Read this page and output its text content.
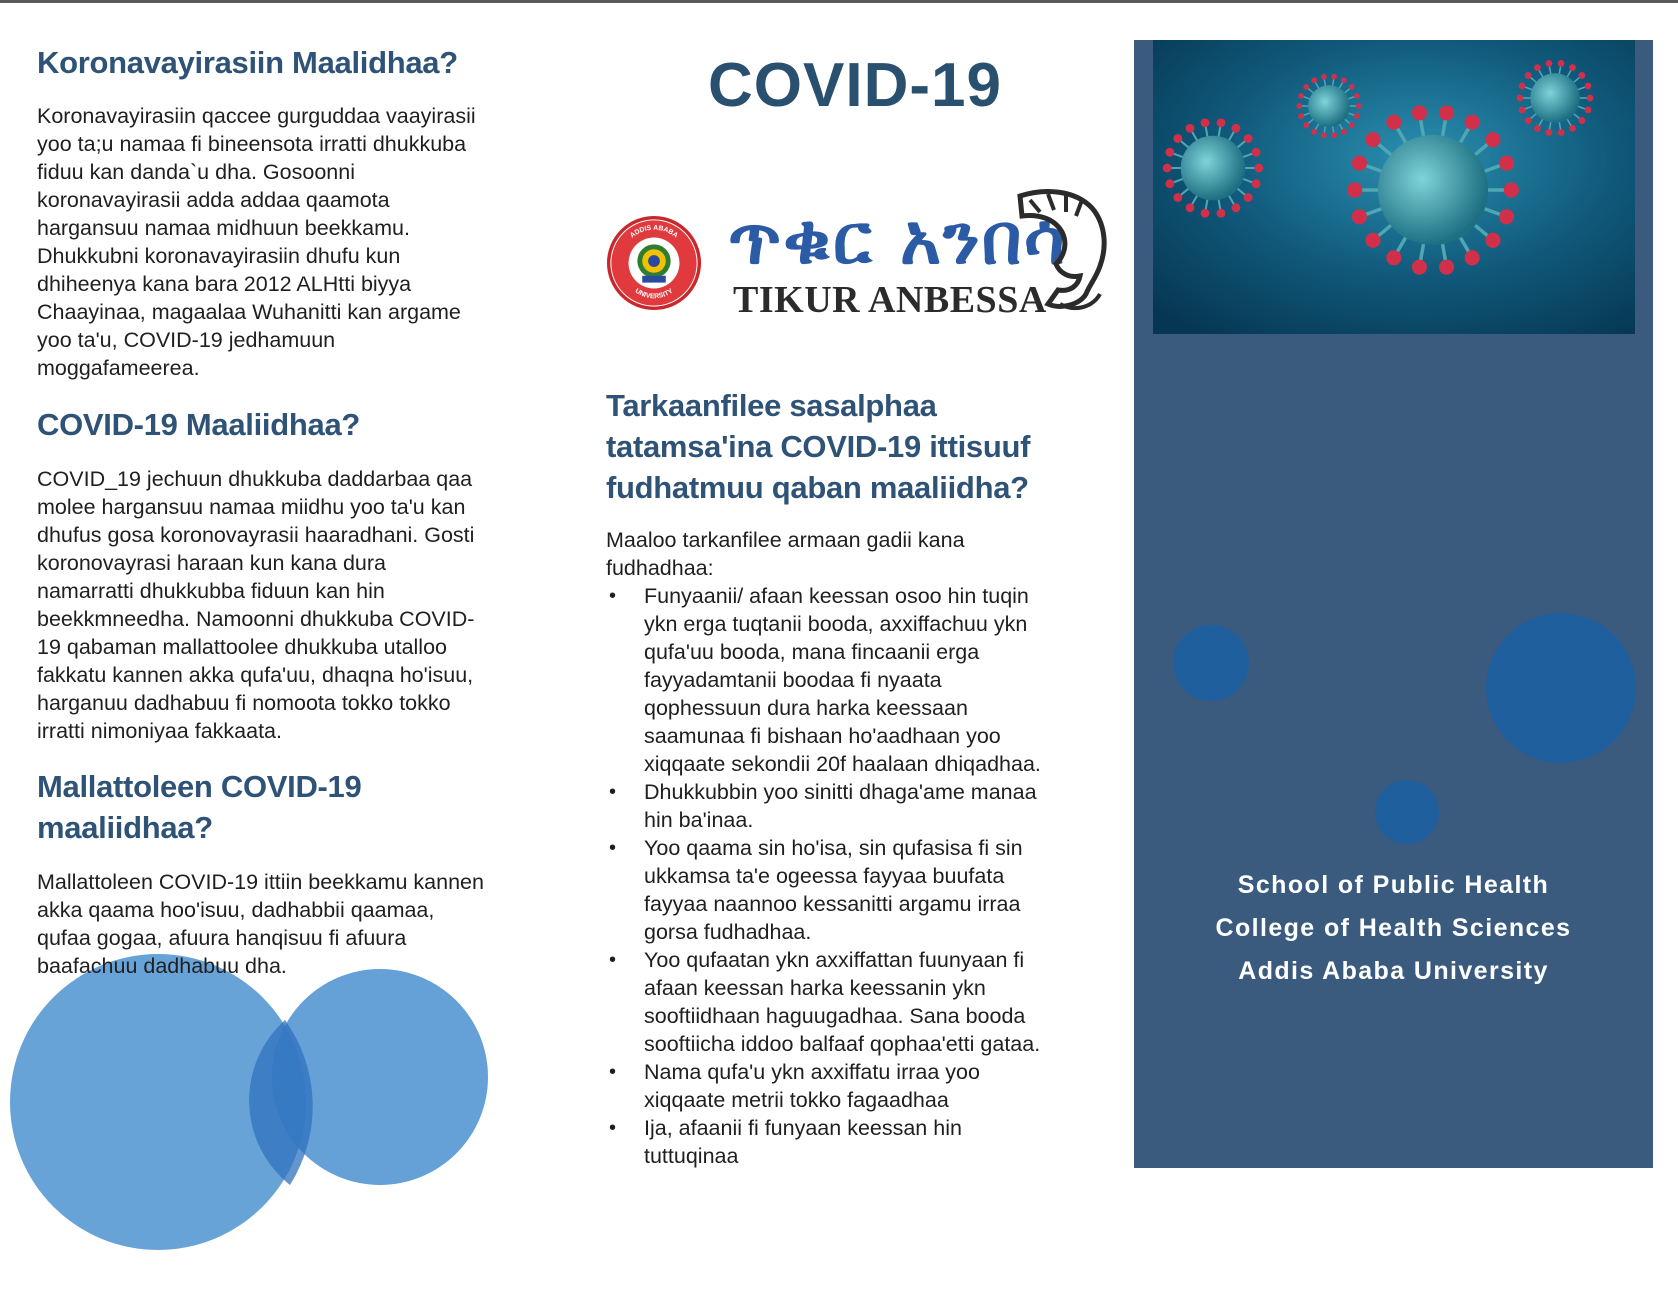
Koronavayirasiin Maalidhaa?

Koronavayirasiin qaccee gurguddaa vaayirasii
yoo ta;u namaa fi bineensota irratti dhukkuba
fiduu kan danda`u dha. Gosoonni
koronavayirasii adda addaa qaamota
hargansuu namaa midhuun beekkamu.
Dhukkubni koronavayirasiin dhufu kun
dhiheenya kana bara 2012 ALHtti biyya
Chaayinaa, magaalaa Wuhanitti kan argame
yoo ta'u, COVID-19 jedhamuun
moggafameerea.

COVID-19 Maaliidhaa?

COVID_19 jechuun dhukkuba daddarbaa qaa
molee hargansuu namaa miidhu yoo ta'u kan
dhufus gosa koronovayrasii haaradhani. Gosti
koronovayrasi haraan kun kana dura
namarratti dhukkubba fiduun kan hin
beekkmneedha. Namoonni dhukkuba COVID-
19 qabaman mallattoolee dhukkuba utalloo
fakkatu kannen akka qufa'uu, dhaqna ho'isuu,
harganuu dadhabuu fi nomoota tokko tokko
irratti nimoniyaa fakkaata.

Mallattoleen COVID-19
maaliidhaa?

Mallattoleen COVID-19 ittiin beekkamu kannen
akka qaama hoo'isuu, dadhabbii qaamaa,
qufaa gogaa, afuura hanqisuu fi afuura
baafachuu dadhabuu dha.

COVID-19
ADDIS ABABA
UNIVERSITY
ጥቁር አንበሳ
TIKUR ANBESSA
Tarkaanfilee sasalphaa
tatamsa'ina COVID-19 ittisuuf
fudhatmuu qaban maaliidha?

Maaloo tarkanfilee armaan gadii kana
fudhadhaa:

• Funyaanii/ afaan keessan osoo hin tuqin
ykn erga tuqtanii booda, axxiffachuu ykn
qufa'uu booda, mana fincaanii erga
fayyadamtanii boodaa fi nyaata
qophessuun dura harka keessaan
saamunaa fi bishaan ho'aadhaan yoo
xiqqaate sekondii 20f haalaan dhiqadhaa.
• Dhukkubbin yoo sinitti dhaga'ame manaa
hin ba'inaa.
• Yoo qaama sin ho'isa, sin qufasisa fi sin
ukkamsa ta'e ogeessa fayyaa buufata
fayyaa naannoo kessanitti argamu irraa
gorsa fudhadhaa.
• Yoo qufaatan ykn axxiffattan fuunyaan fi
afaan keessan harka keessanin ykn
sooftiidhaan haguugadhaa. Sana booda
sooftiicha iddoo balfaaf qophaa'etti gataa.
• Nama qufa'u ykn axxiffatu irraa yoo
xiqqaate metrii tokko fagaadhaa
• Ija, afaanii fi funyaan keessan hin
tuttuqinaa
School of Public Health
College of Health Sciences
Addis Ababa University
